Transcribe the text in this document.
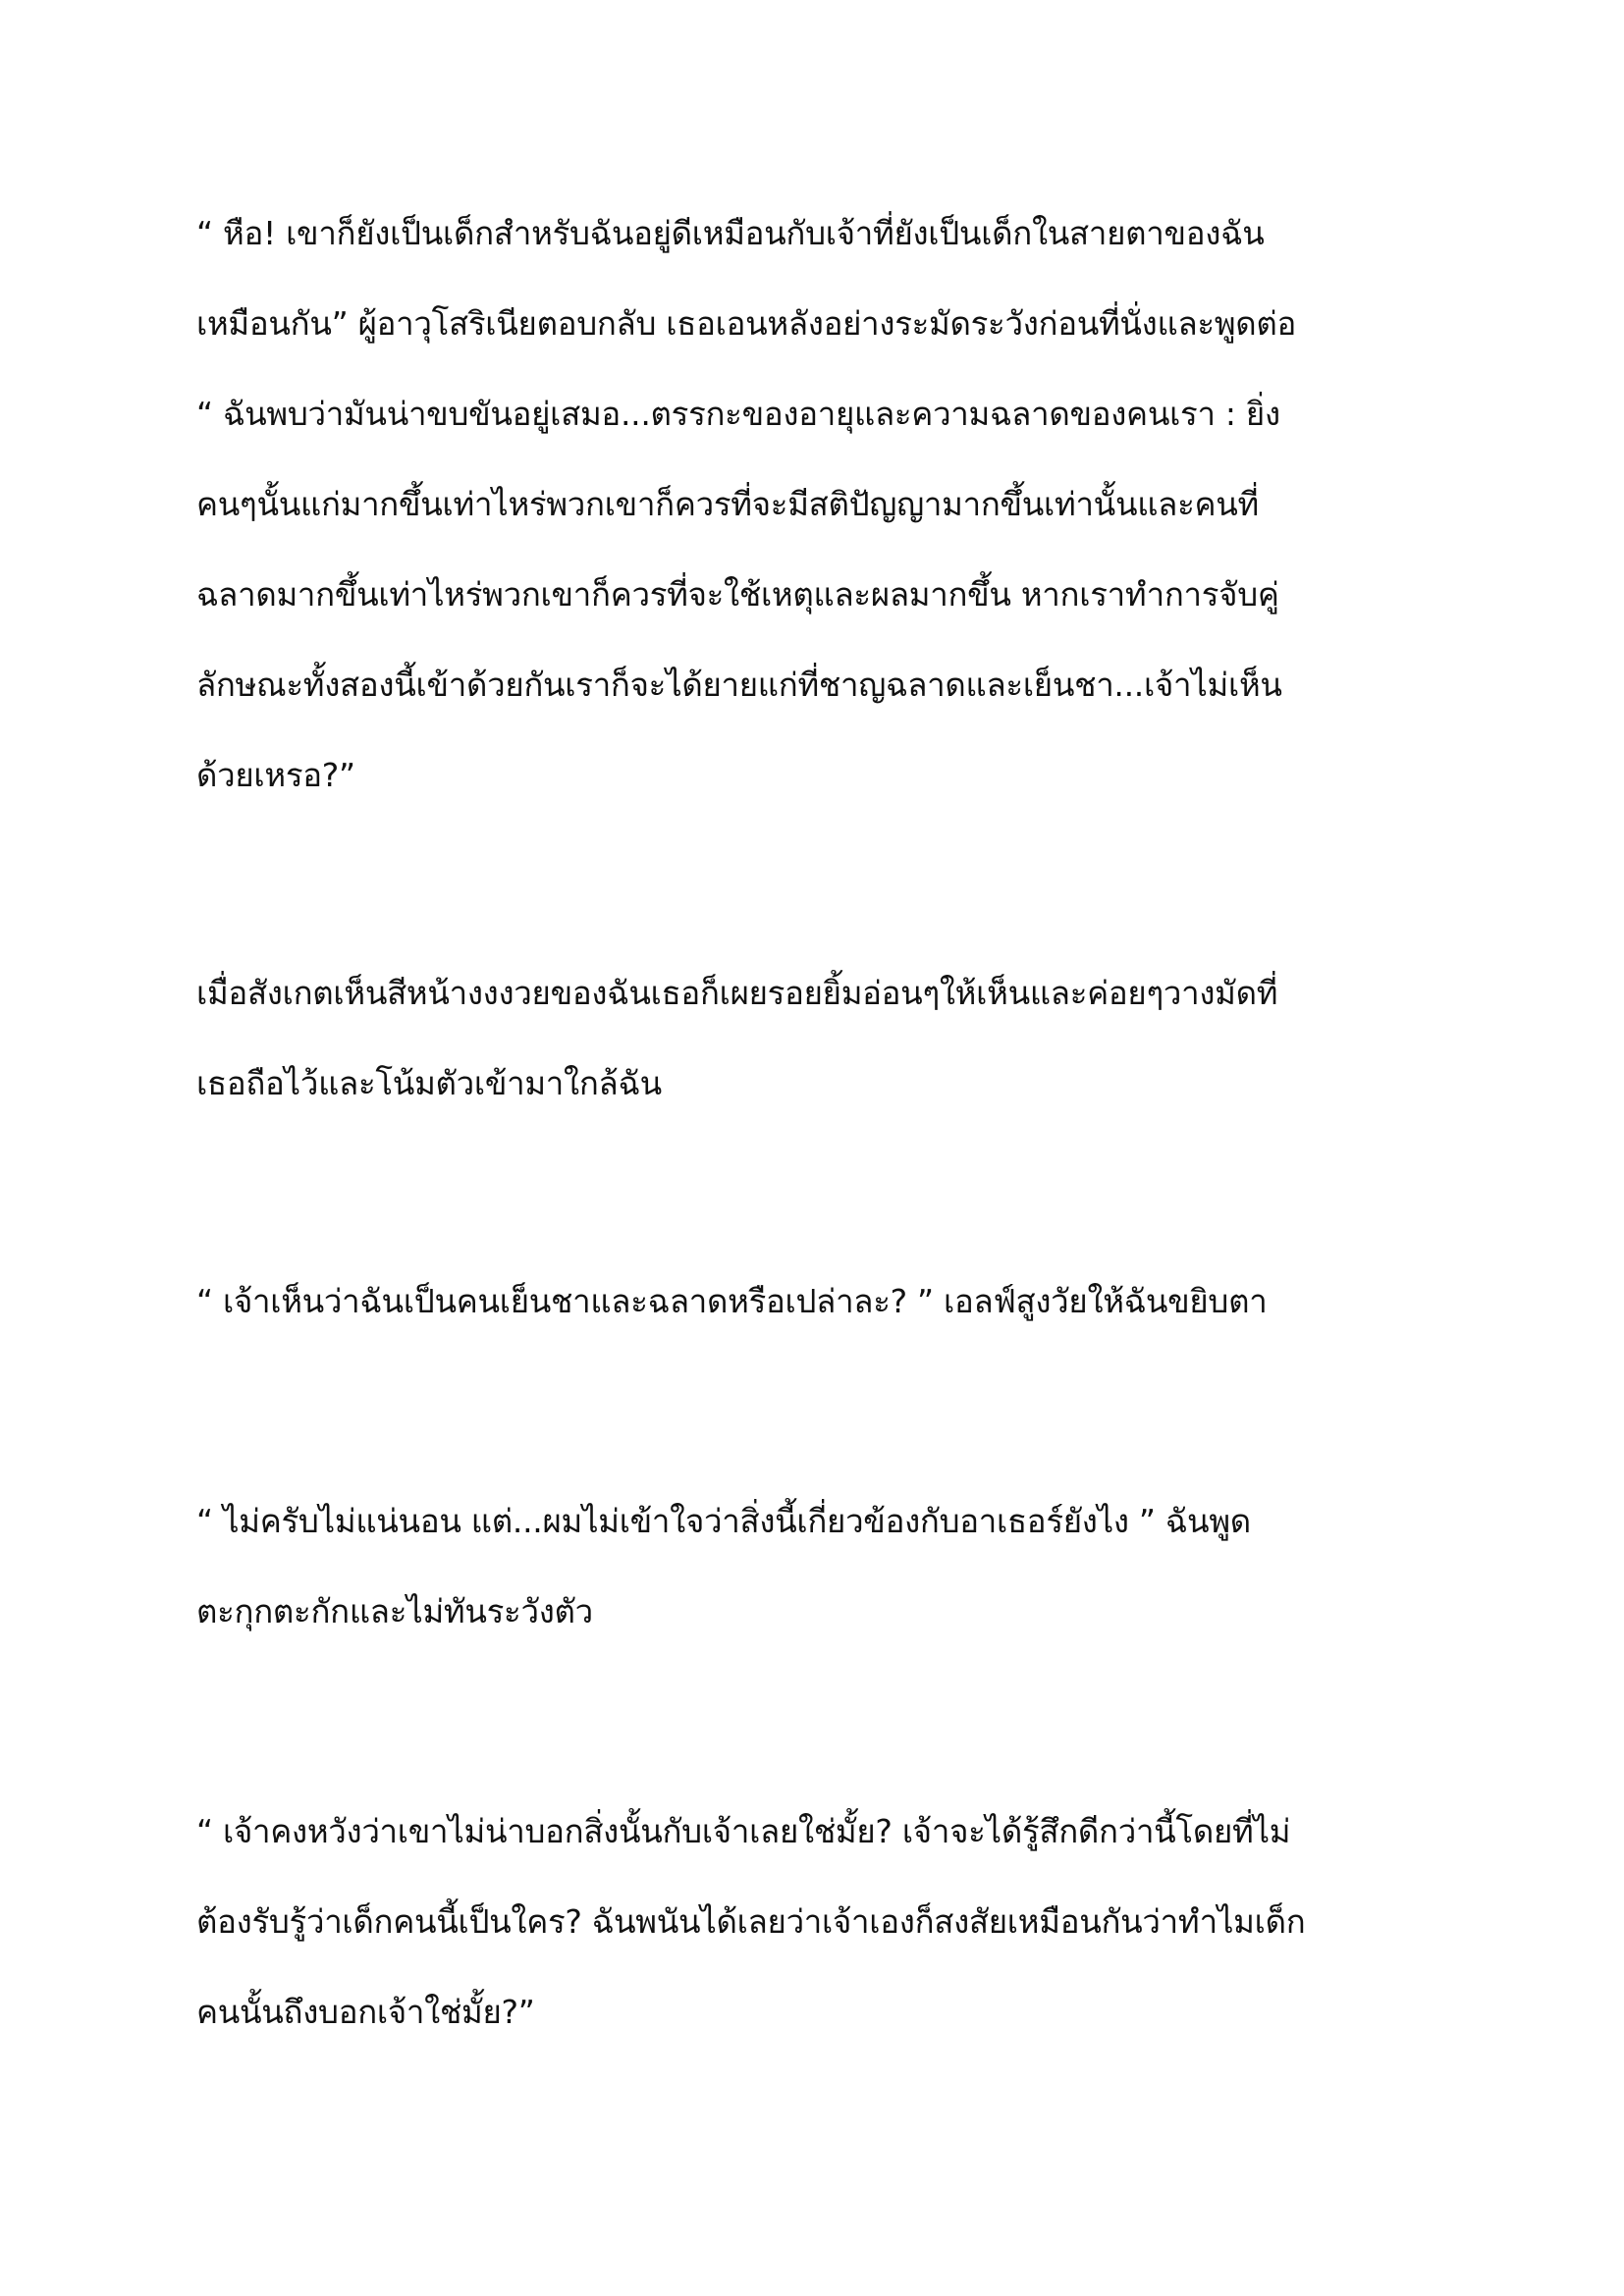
“ หือ! เขาก็ยังเป็นเด็กสำหรับฉันอยู่ดีเหมือนกับเจ้าที่ยังเป็นเด็กในสายตาของฉัน
เหมือนกัน” ผู้อาวุโสริเนียตอบกลับ เธอเอนหลังอย่างระมัดระวังก่อนที่นั่งและพูดต่อ
“ ฉันพบว่ามันน่าขบขันอยู่เสมอ...ตรรกะของอายุและความฉลาดของคนเรา : ยิ่ง
คนๆนั้นแก่มากขึ้นเท่าไหร่พวกเขาก็ควรที่จะมีสติปัญญามากขึ้นเท่านั้นและคนที่
ฉลาดมากขึ้นเท่าไหร่พวกเขาก็ควรที่จะใช้เหตุและผลมากขึ้น หากเราทำการจับคู่
ลักษณะทั้งสองนี้เข้าด้วยกันเราก็จะได้ยายแก่ที่ชาญฉลาดและเย็นชา...เจ้าไม่เห็น
ด้วยเหรอ?”
เมื่อสังเกตเห็นสีหน้างงงวยของฉันเธอก็เผยรอยยิ้มอ่อนๆให้เห็นและค่อยๆวางมัดที่
เธอถือไว้และโน้มตัวเข้ามาใกล้ฉัน
“ เจ้าเห็นว่าฉันเป็นคนเย็นชาและฉลาดหรือเปล่าละ? ” เอลฟ์สูงวัยให้ฉันขยิบตา
“ ไม่ครับไม่แน่นอน แต่...ผมไม่เข้าใจว่าสิ่งนี้เกี่ยวข้องกับอาเธอร์ยังไง ” ฉันพูด
ตะกุกตะกักและไม่ทันระวังตัว
“ เจ้าคงหวังว่าเขาไม่น่าบอกสิ่งนั้นกับเจ้าเลยใช่มั้ย? เจ้าจะได้รู้สึกดีกว่านี้โดยที่ไม่
ต้องรับรู้ว่าเด็กคนนี้เป็นใคร? ฉันพนันได้เลยว่าเจ้าเองก็สงสัยเหมือนกันว่าทำไมเด็ก
คนนั้นถึงบอกเจ้าใช่มั้ย?”
